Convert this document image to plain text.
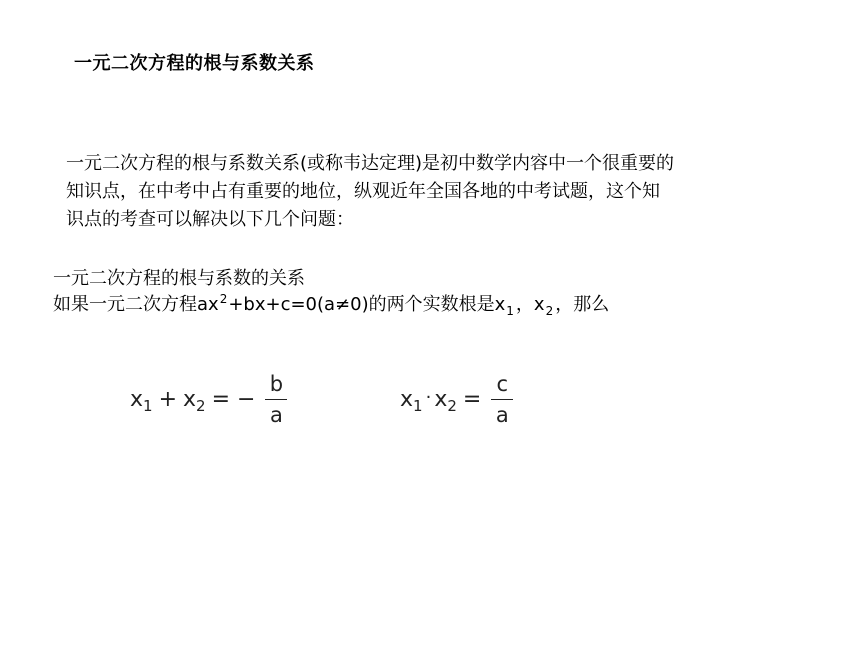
一元二次方程的根与系数关系
一元二次方程的根与系数关系(或称韦达定理)是初中数学内容中一个很重要的
知识点，在中考中占有重要的地位，纵观近年全国各地的中考试题，这个知
识点的考查可以解决以下几个问题：
一元二次方程的根与系数的关系
如果一元二次方程$ax^2+bx+c=0(a\ne 0)$的两个实数根是$x_1$ ，$x_2$ ，那么
x 1 + x 2 = − $\frac{b}{a}$	x 1 · x $2 = \frac{c}{a}$
